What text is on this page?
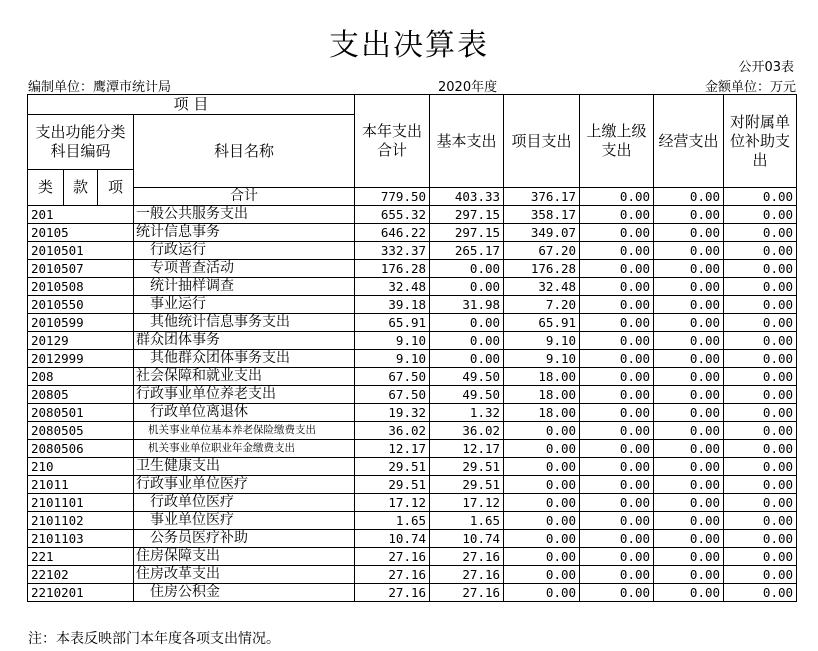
支出决算表
公开03表
编制单位：鹰潭市统计局	2020年度	金额单位：万元
项 目				本年支出合计	基本支出	项目支出	上缴上级支出	经营支出	对附属单位补助支出	
支出功能分类科目编码			科目名称							
类	款	项							
			合计	779.50	403.33	376.17	0.00	0.00	0.00	
201			一般公共服务支出	655.32	297.15	358.17	0.00	0.00	0.00	
20105			统计信息事务	646.22	297.15	349.07	0.00	0.00	0.00	
2010501			行政运行	332.37	265.17	67.20	0.00	0.00	0.00	
2010507			专项普查活动	176.28	0.00	176.28	0.00	0.00	0.00	
2010508			统计抽样调查	32.48	0.00	32.48	0.00	0.00	0.00	
2010550			事业运行	39.18	31.98	7.20	0.00	0.00	0.00	
2010599			其他统计信息事务支出	65.91	0.00	65.91	0.00	0.00	0.00	
20129			群众团体事务	9.10	0.00	9.10	0.00	0.00	0.00	
2012999			其他群众团体事务支出	9.10	0.00	9.10	0.00	0.00	0.00	
208			社会保障和就业支出	67.50	49.50	18.00	0.00	0.00	0.00	
20805			行政事业单位养老支出	67.50	49.50	18.00	0.00	0.00	0.00	
2080501			行政单位离退休	19.32	1.32	18.00	0.00	0.00	0.00	
2080505			机关事业单位基本养老保险缴费支出	36.02	36.02	0.00	0.00	0.00	0.00	
2080506			机关事业单位职业年金缴费支出	12.17	12.17	0.00	0.00	0.00	0.00	
210			卫生健康支出	29.51	29.51	0.00	0.00	0.00	0.00	
21011			行政事业单位医疗	29.51	29.51	0.00	0.00	0.00	0.00	
2101101			行政单位医疗	17.12	17.12	0.00	0.00	0.00	0.00	
2101102			事业单位医疗	1.65	1.65	0.00	0.00	0.00	0.00	
2101103			公务员医疗补助	10.74	10.74	0.00	0.00	0.00	0.00	
221			住房保障支出	27.16	27.16	0.00	0.00	0.00	0.00	
22102			住房改革支出	27.16	27.16	0.00	0.00	0.00	0.00	
2210201			住房公积金	27.16	27.16	0.00	0.00	0.00	0.00	
注：本表反映部门本年度各项支出情况。
